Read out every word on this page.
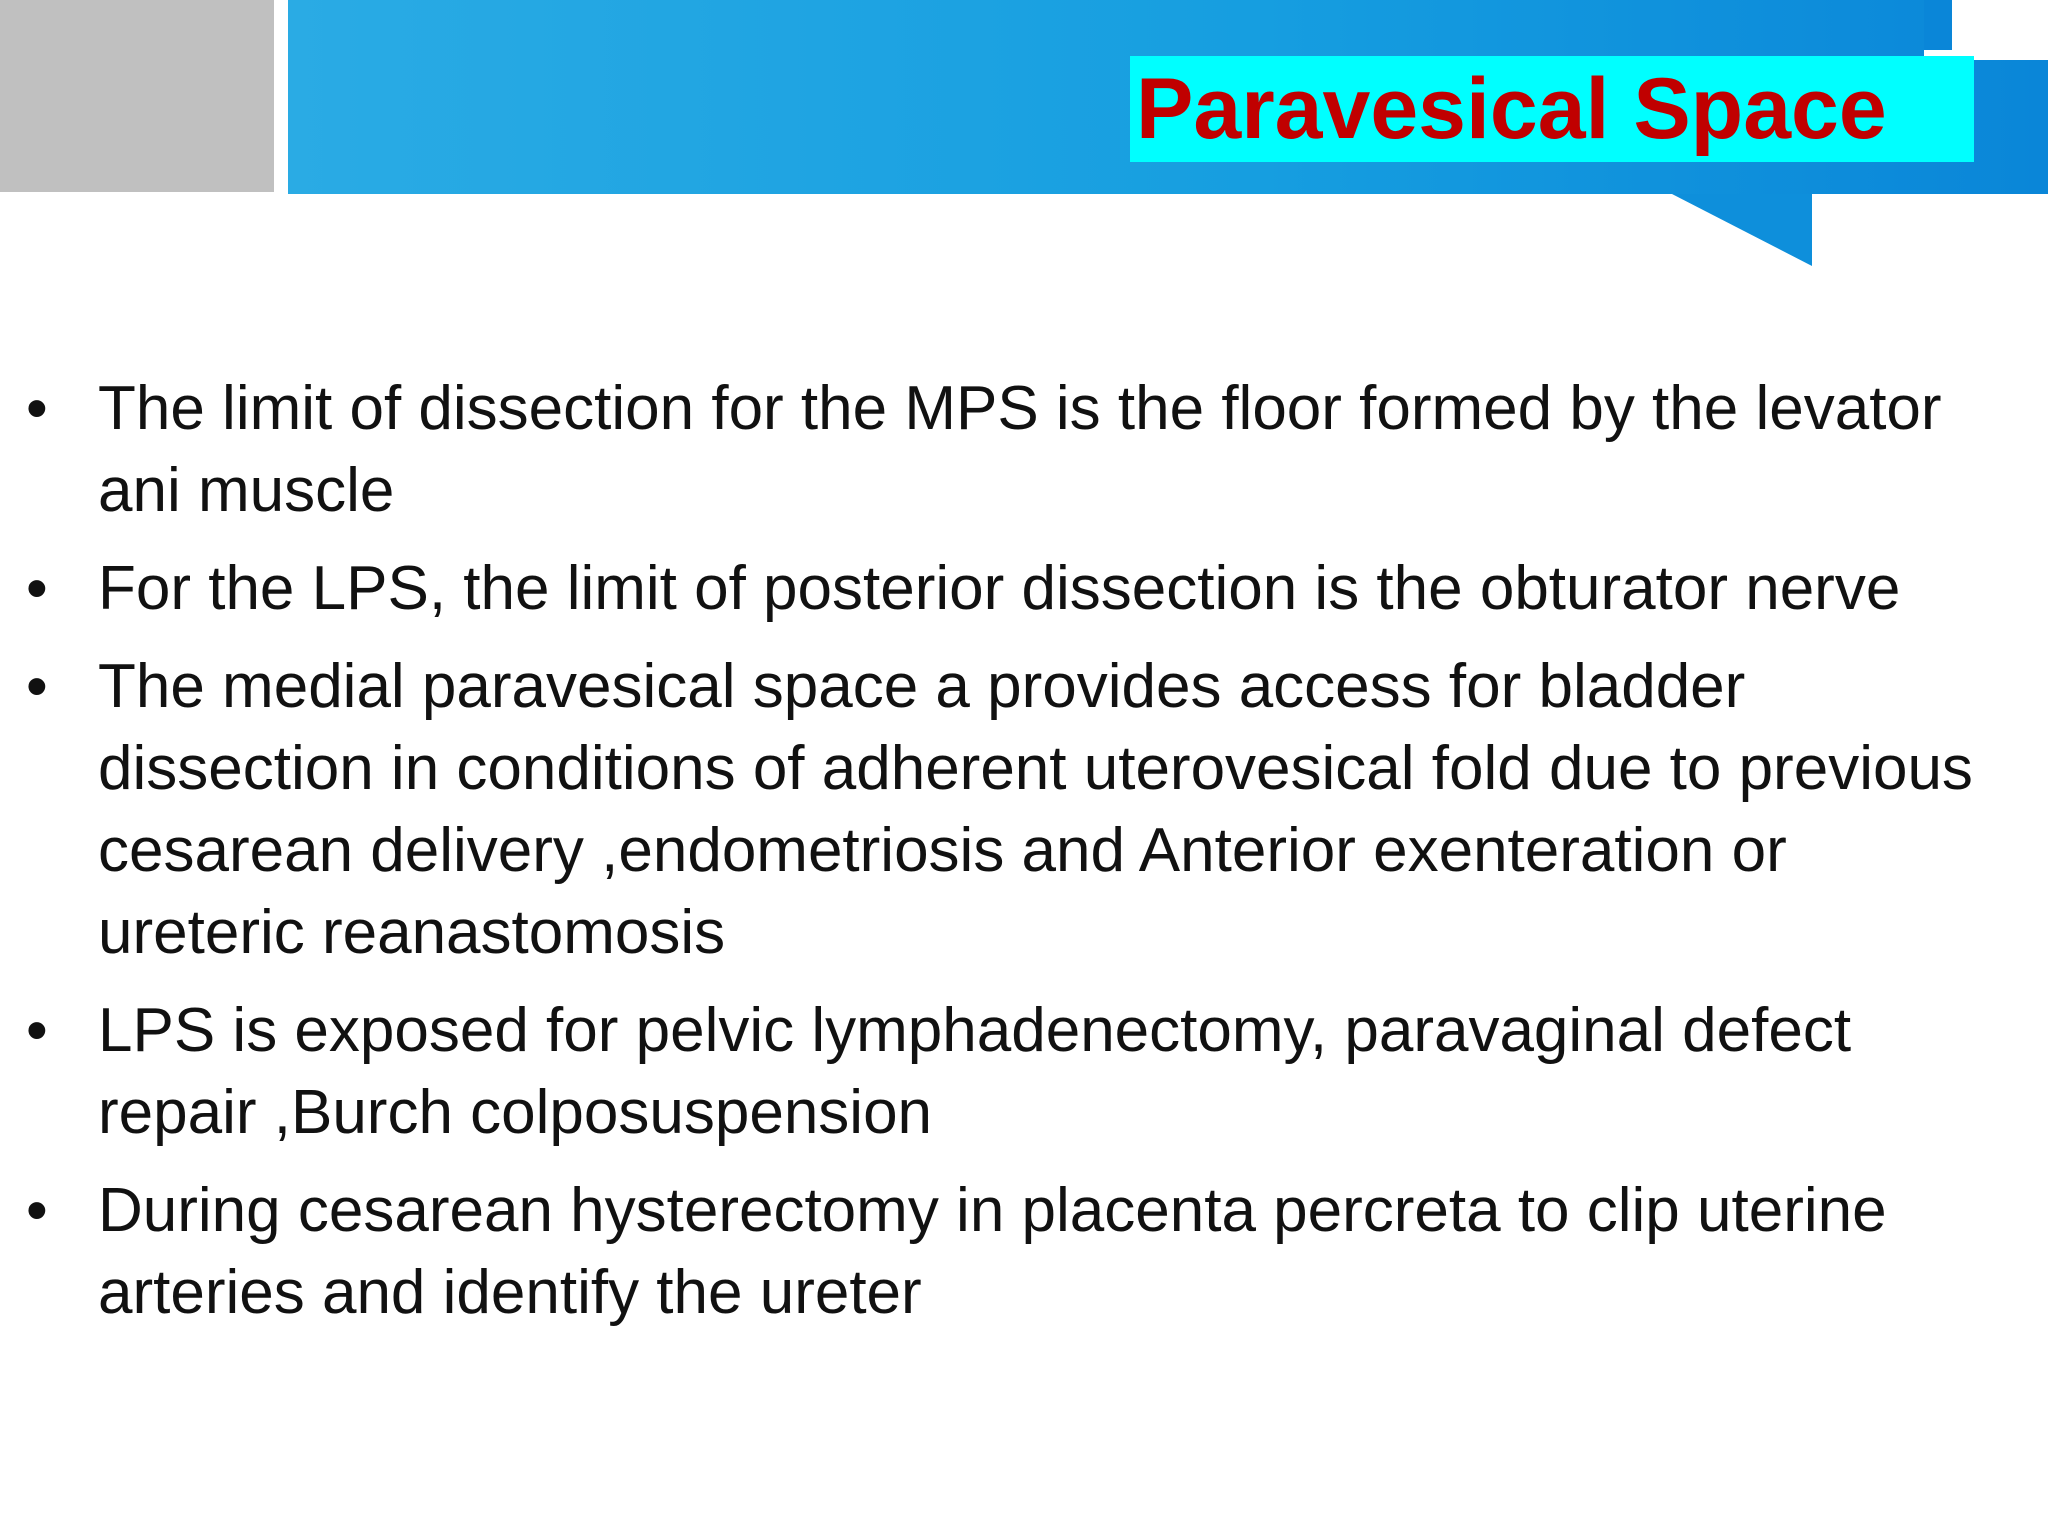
Paravesical Space
• The limit of dissection for the MPS is the floor formed by the levator ani muscle
• For the LPS, the limit of posterior dissection is the obturator nerve
• The medial paravesical space a provides access for bladder dissection in conditions of adherent uterovesical fold due to previous cesarean delivery ,endometriosis and Anterior exenteration or ureteric reanastomosis
• LPS is exposed for pelvic lymphadenectomy, paravaginal defect repair ,Burch colposuspension
• During cesarean hysterectomy in placenta percreta to clip uterine arteries and identify the ureter
